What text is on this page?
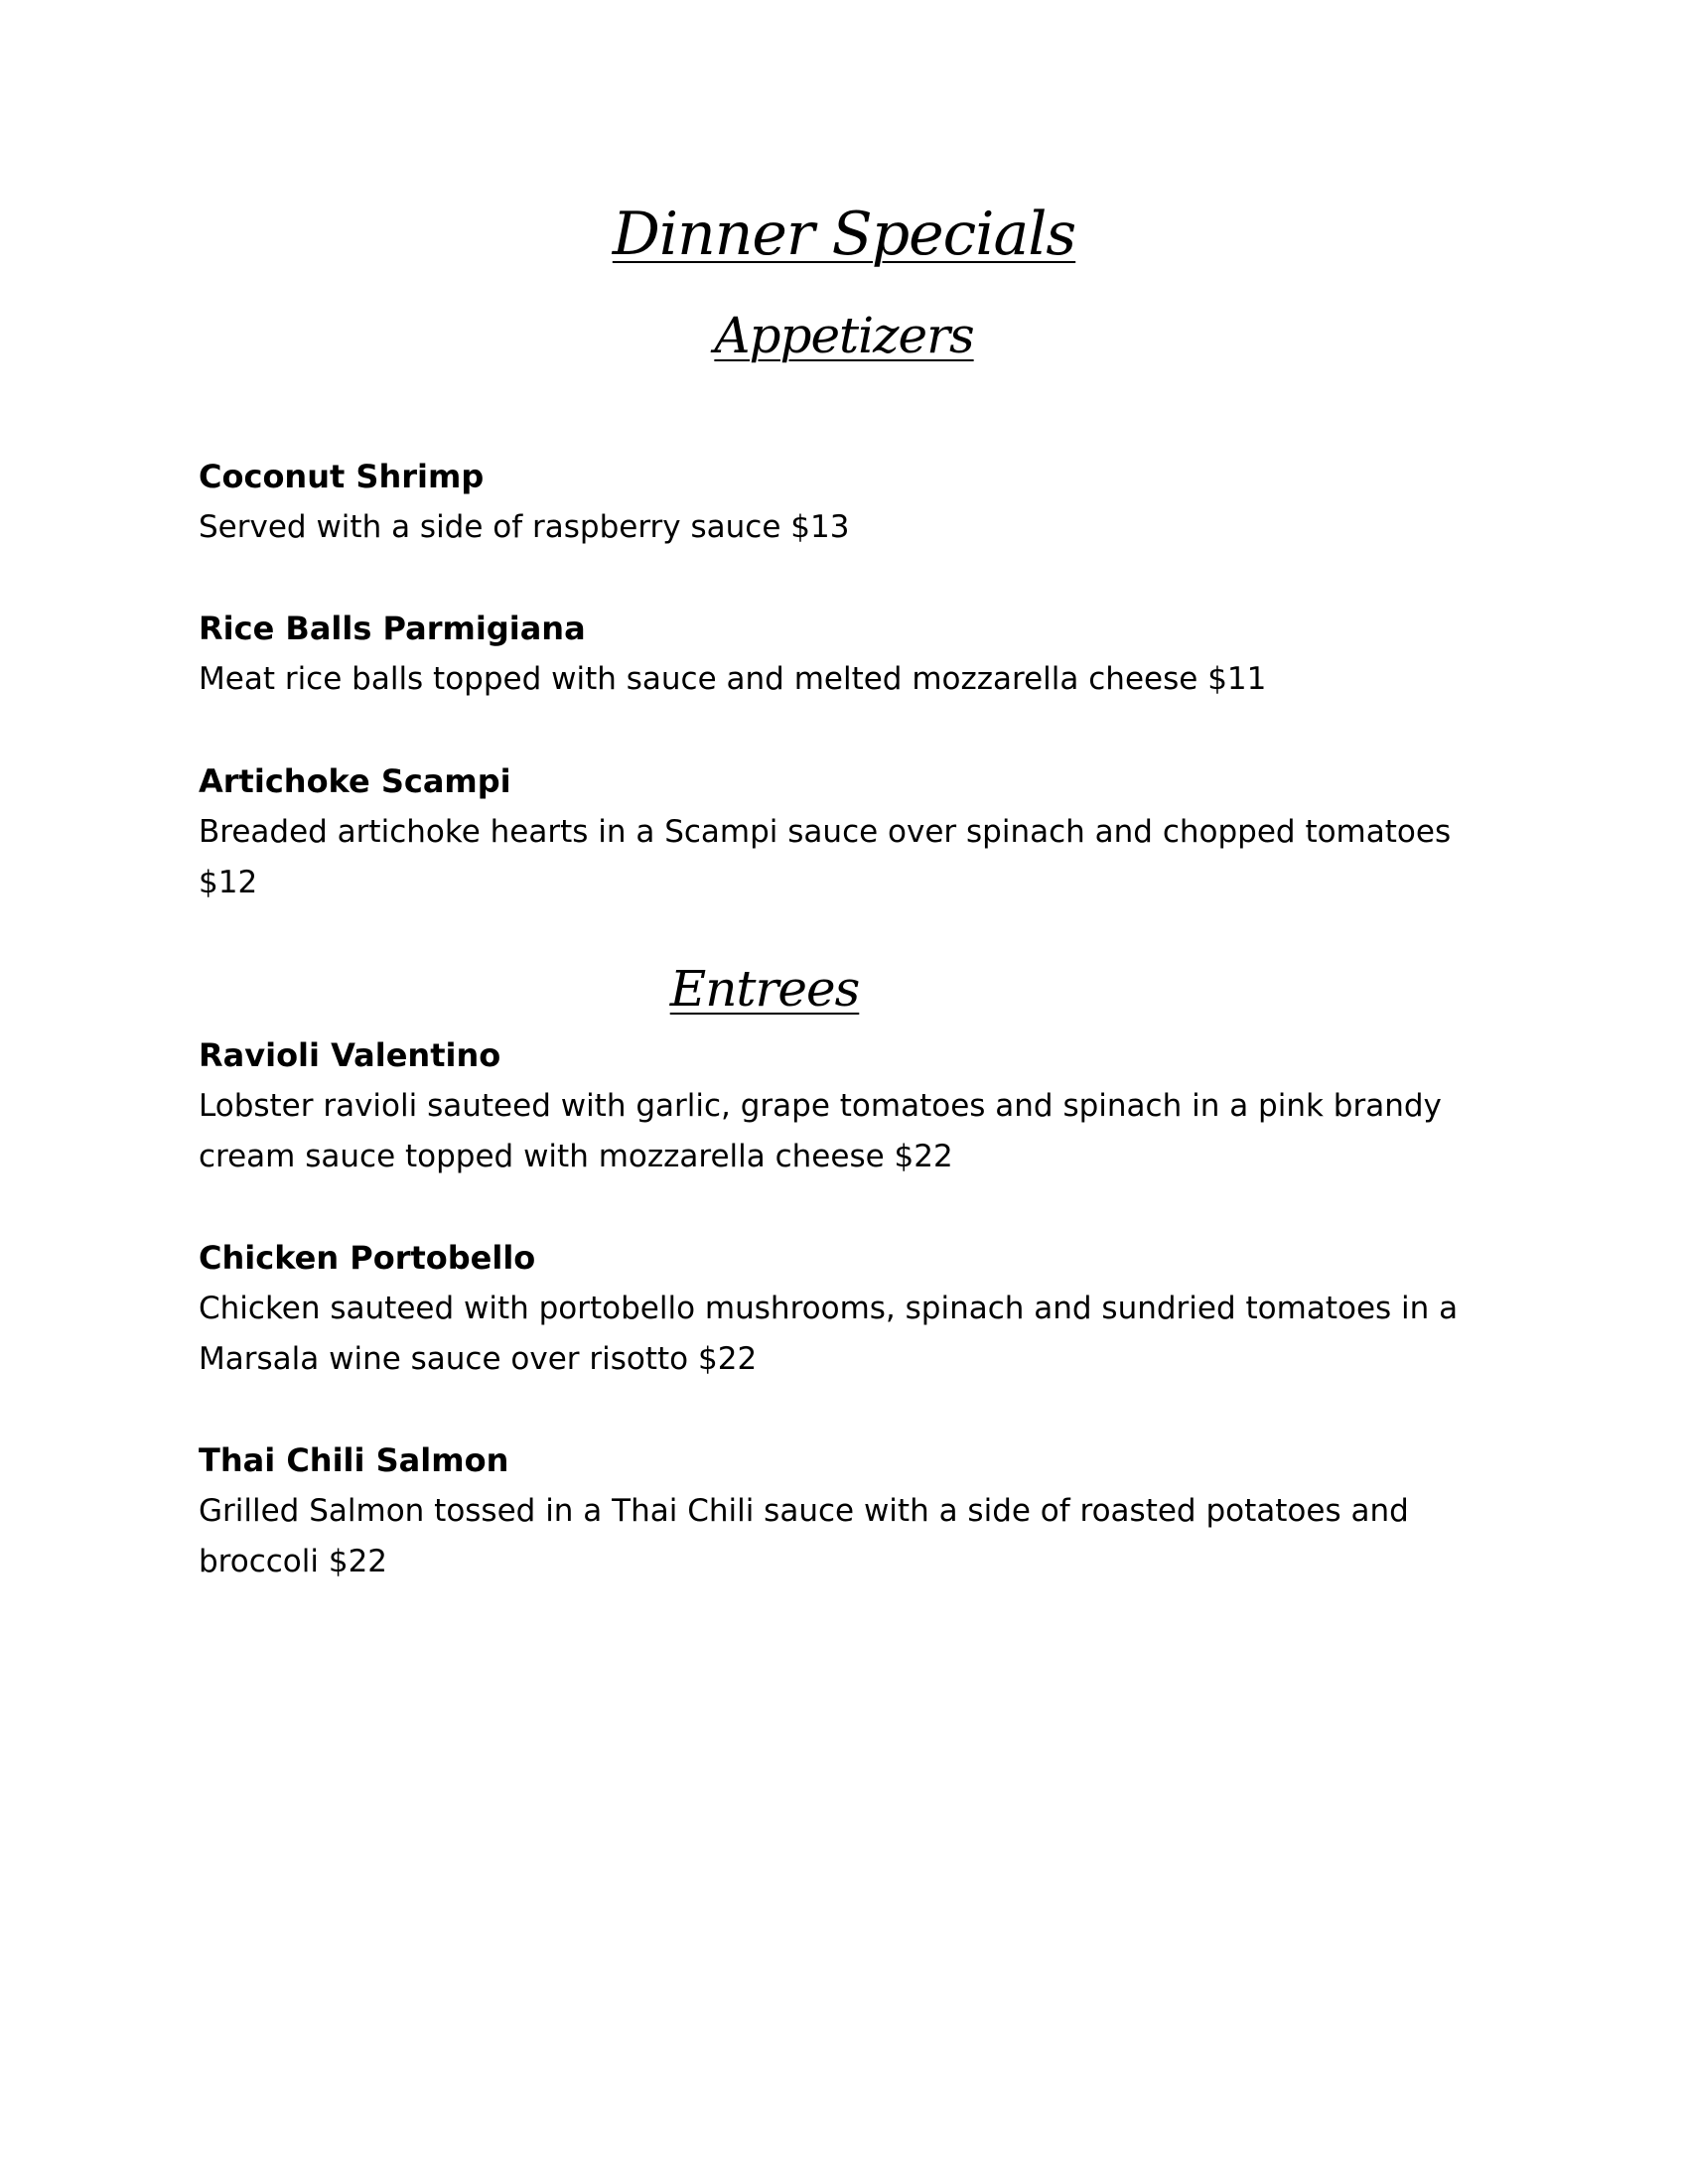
Dinner Specials
Appetizers

Coconut Shrimp

Served with a side of raspberry sauce $13

Rice Balls Parmigiana

Meat rice balls topped with sauce and melted mozzarella cheese $11

Artichoke Scampi

Breaded artichoke hearts in a Scampi sauce over spinach and chopped tomatoes $12

Entrees

Ravioli Valentino

Lobster ravioli sauteed with garlic, grape tomatoes and spinach in a pink brandy cream sauce topped with mozzarella cheese $22

Chicken Portobello

Chicken sauteed with portobello mushrooms, spinach and sundried tomatoes in a Marsala wine sauce over risotto $22

Thai Chili Salmon

Grilled Salmon tossed in a Thai Chili sauce with a side of roasted potatoes and broccoli $22
